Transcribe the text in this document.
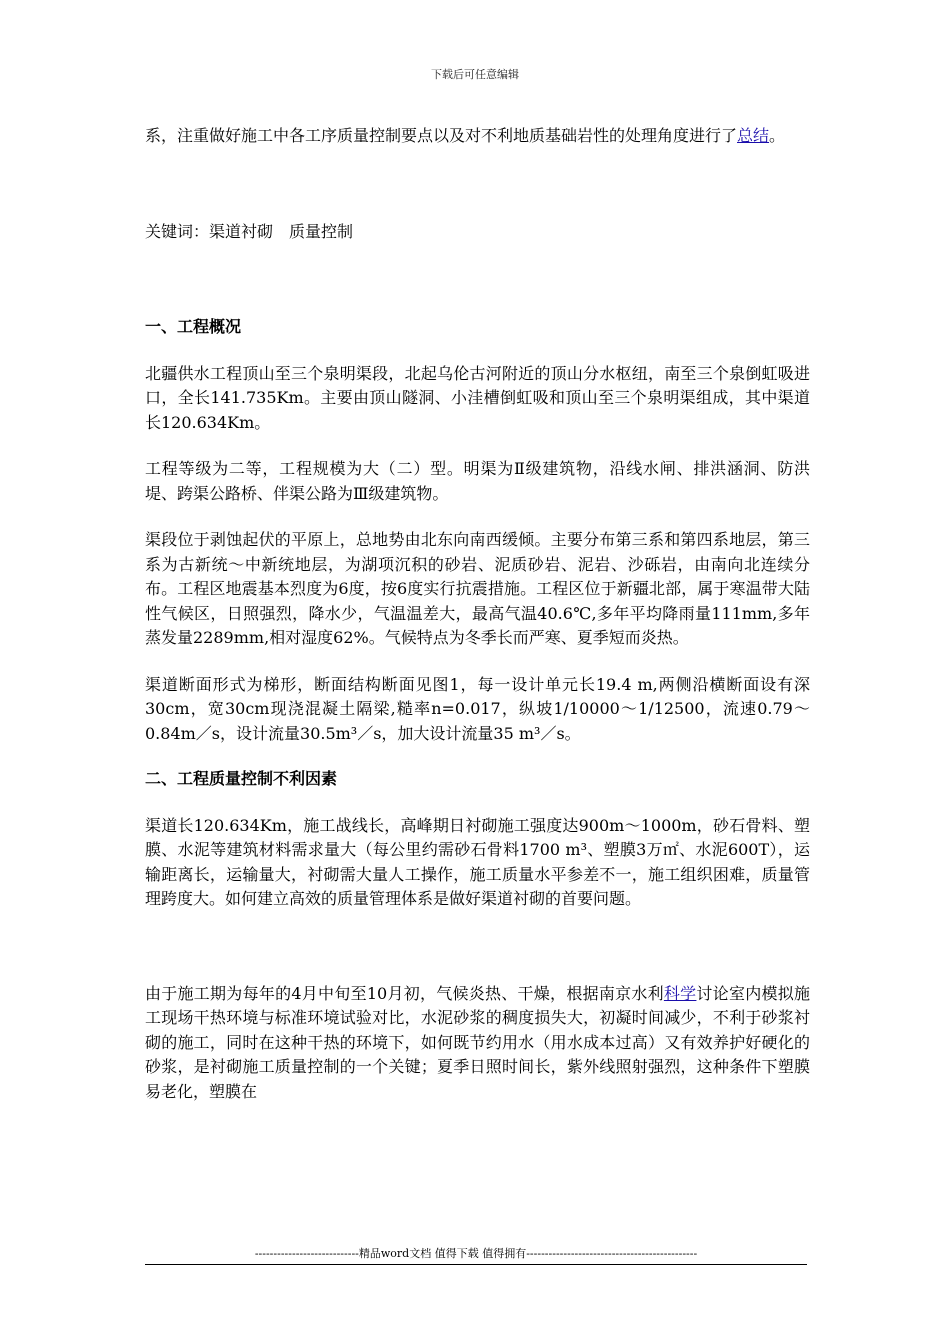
下载后可任意编辑

系，注重做好施工中各工序质量控制要点以及对不利地质基础岩性的处理角度进行了总结。

关键词：渠道衬砌　质量控制

一、工程概况

北疆供水工程顶山至三个泉明渠段，北起乌伦古河附近的顶山分水枢纽，南至三个泉倒虹吸进口，全长141.735Km。主要由顶山隧洞、小洼槽倒虹吸和顶山至三个泉明渠组成，其中渠道长120.634Km。

工程等级为二等，工程规模为大（二）型。明渠为Ⅱ级建筑物，沿线水闸、排洪涵洞、防洪堤、跨渠公路桥、伴渠公路为Ⅲ级建筑物。

渠段位于剥蚀起伏的平原上，总地势由北东向南西缓倾。主要分布第三系和第四系地层，第三系为古新统～中新统地层，为湖项沉积的砂岩、泥质砂岩、泥岩、沙砾岩，由南向北连续分布。工程区地震基本烈度为6度，按6度实行抗震措施。工程区位于新疆北部，属于寒温带大陆性气候区，日照强烈，降水少，气温温差大，最高气温40.6℃,多年平均降雨量111mm,多年蒸发量2289mm,相对湿度62%。气候特点为冬季长而严寒、夏季短而炎热。

渠道断面形式为梯形，断面结构断面见图1，每一设计单元长19.4 m,两侧沿横断面设有深30cm，宽30cm现浇混凝土隔梁,糙率n=0.017，纵坡1/10000～1/12500，流速0.79～0.84m／s，设计流量30.5m³／s，加大设计流量35 m³／s。

二、工程质量控制不利因素

渠道长120.634Km，施工战线长，高峰期日衬砌施工强度达900m～1000m，砂石骨料、塑膜、水泥等建筑材料需求量大（每公里约需砂石骨料1700 m³、塑膜3万㎡、水泥600T），运输距离长，运输量大，衬砌需大量人工操作，施工质量水平参差不一，施工组织困难，质量管理跨度大。如何建立高效的质量管理体系是做好渠道衬砌的首要问题。

由于施工期为每年的4月中旬至10月初，气候炎热、干燥，根据南京水利科学讨论室内模拟施工现场干热环境与标准环境试验对比，水泥砂浆的稠度损失大，初凝时间减少，不利于砂浆衬砌的施工，同时在这种干热的环境下，如何既节约用水（用水成本过高）又有效养护好硬化的砂浆，是衬砌施工质量控制的一个关键；夏季日照时间长，紫外线照射强烈，这种条件下塑膜易老化，塑膜在

----------------------------精品word文档 值得下载 值得拥有----------------------------------------------
